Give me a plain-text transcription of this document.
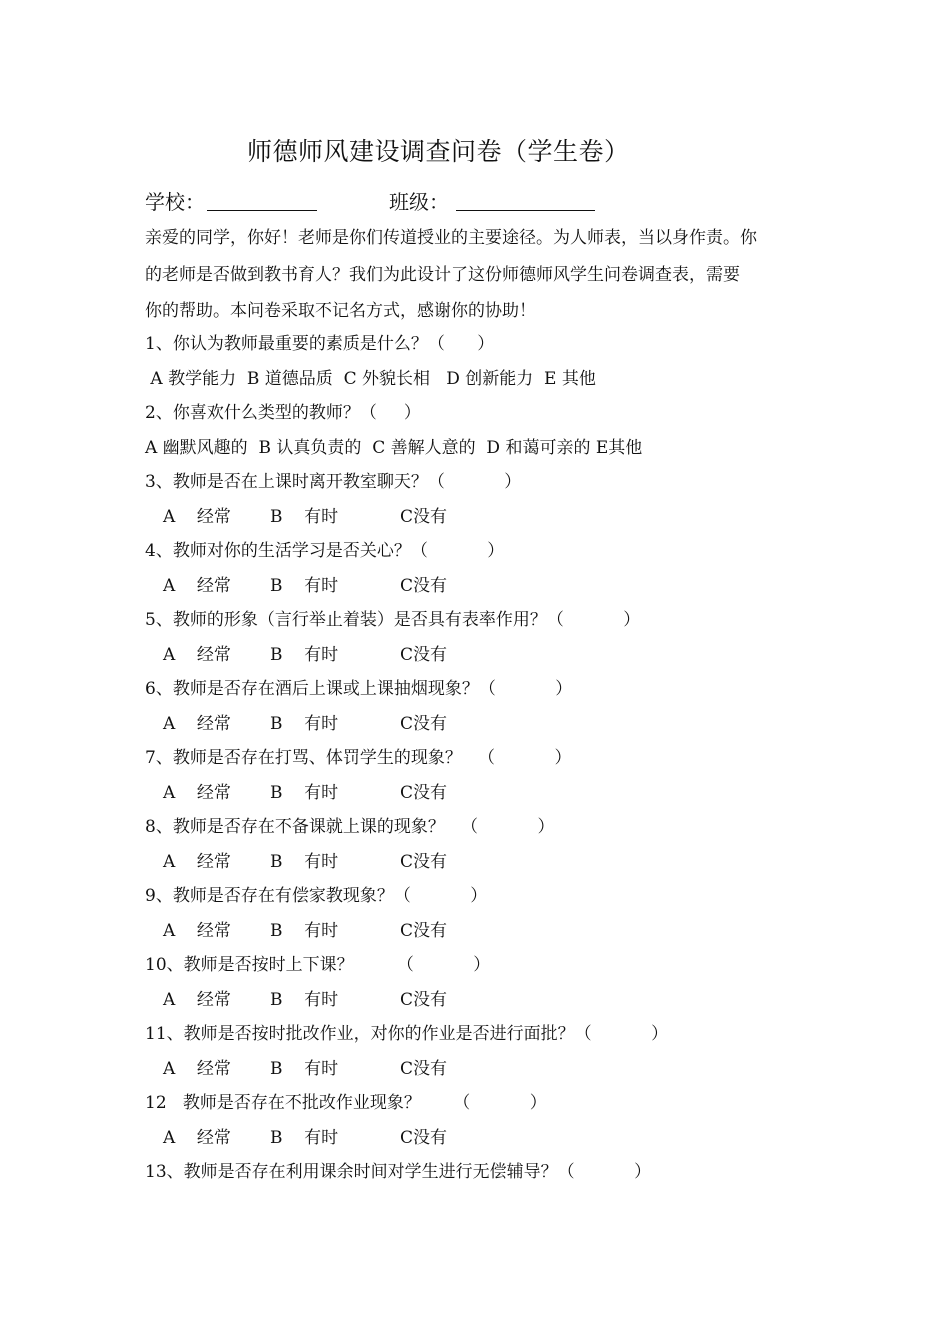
师德师风建设调查问卷（学生卷）
学校：	班级：

亲爱的同学，你好！老师是你们传道授业的主要途径。为人师表，当以身作责。你

的老师是否做到教书育人？我们为此设计了这份师德师风学生问卷调查表，需要

你的帮助。本问卷采取不记名方式，感谢你的协助！

1、你认为教师最重要的素质是什么？（      ）
A 教学能力  B 道德品质  C 外貌长相   D 创新能力  E 其他
2、你喜欢什么类型的教师？（     ）
A 幽默风趣的  B 认真负责的  C 善解人意的  D 和蔼可亲的 E其他
3、教师是否在上课时离开教室聊天？（           ）
A    经常 B    有时	C没有
4、教师对你的生活学习是否关心？（           ）
A    经常 B    有时	C没有
5、教师的形象（言行举止着装）是否具有表率作用？（           ）
A    经常 B    有时	C没有
6、教师是否存在酒后上课或上课抽烟现象？（           ）
A    经常 B    有时	C没有
7、教师是否存在打骂、体罚学生的现象？   （           ）
A    经常 B    有时	C没有
8、教师是否存在不备课就上课的现象？   （           ）
A    经常 B    有时	C没有
9、教师是否存在有偿家教现象？（           ）
A    经常 B    有时	C没有
10、教师是否按时上下课？        （           ）
A    经常 B    有时	C没有
11、教师是否按时批改作业，对你的作业是否进行面批？（           ）
A    经常 B    有时	C没有
12   教师是否存在不批改作业现象？      （           ）
A    经常 B    有时	C没有
13、教师是否存在利用课余时间对学生进行无偿辅导？（           ）
